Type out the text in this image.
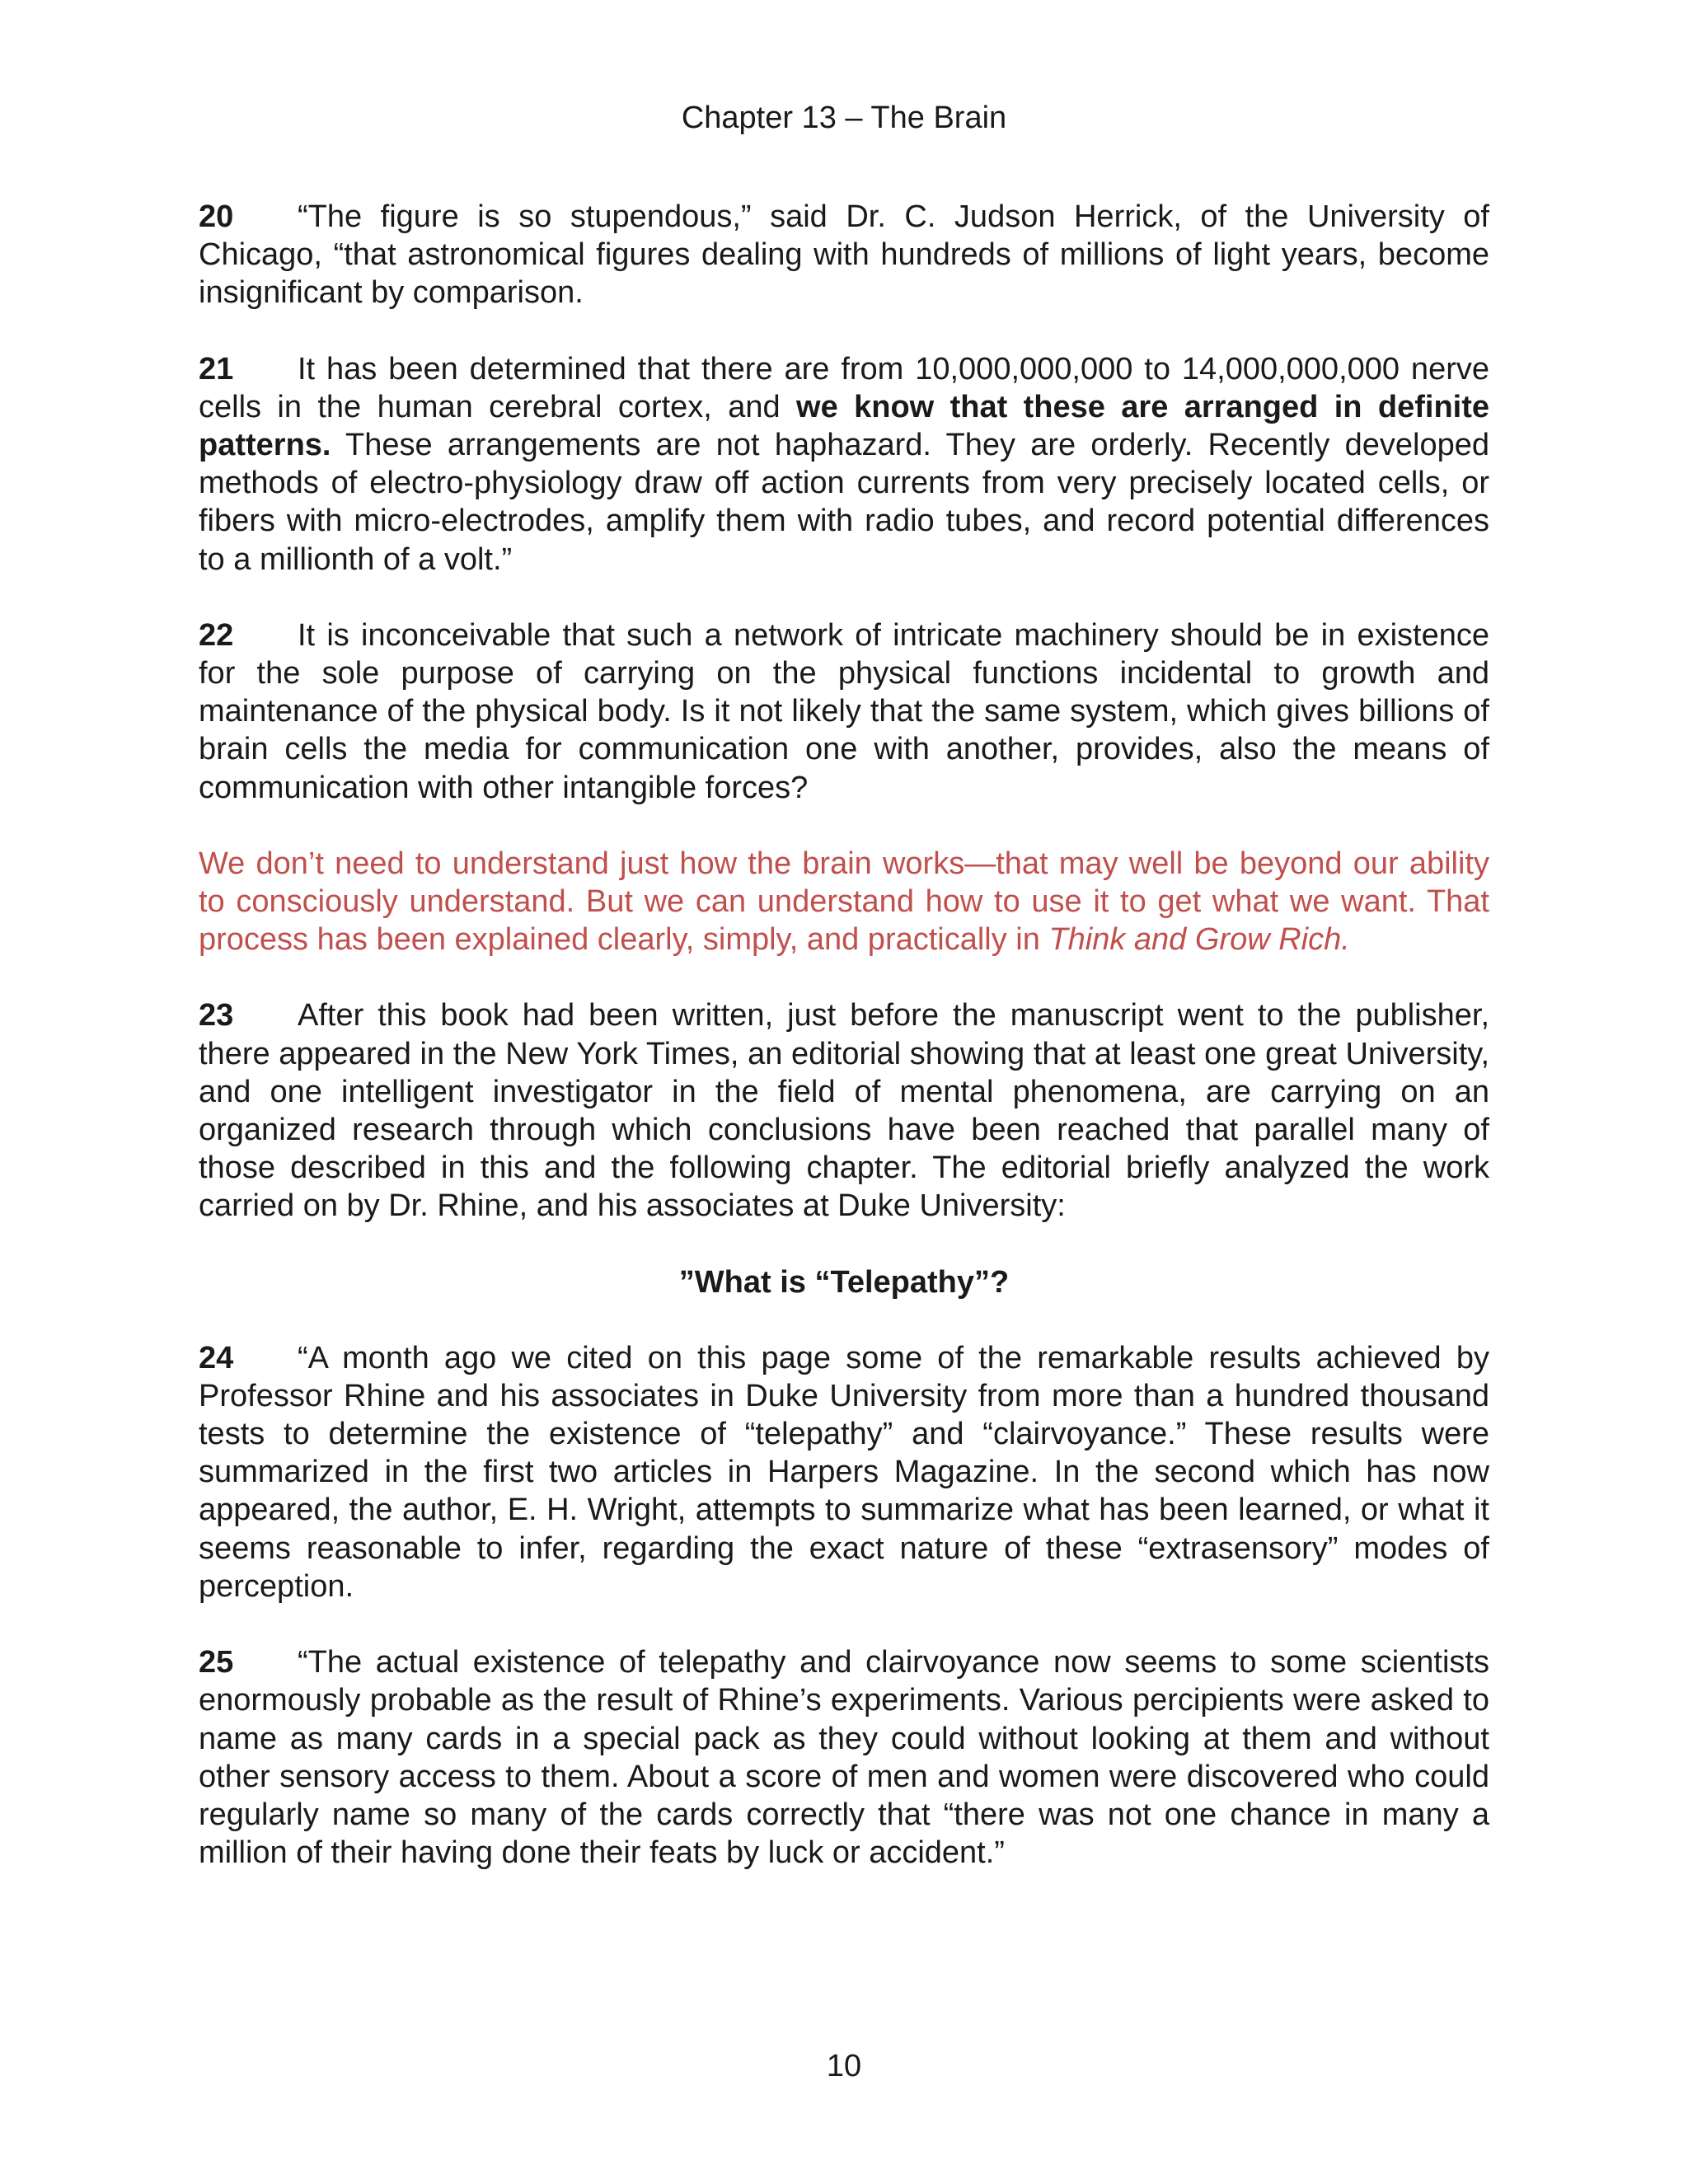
Chapter 13 – The Brain

20 “The figure is so stupendous,” said Dr. C. Judson Herrick, of the University of Chicago, “that astronomical figures dealing with hundreds of millions of light years, become insignificant by comparison.

21 It has been determined that there are from 10,000,000,000 to 14,000,000,000 nerve cells in the human cerebral cortex, and we know that these are arranged in definite patterns. These arrangements are not haphazard. They are orderly. Recently developed methods of electro-physiology draw off action currents from very precisely located cells, or fibers with micro-electrodes, amplify them with radio tubes, and record potential differences to a millionth of a volt.”

22 It is inconceivable that such a network of intricate machinery should be in existence for the sole purpose of carrying on the physical functions incidental to growth and maintenance of the physical body. Is it not likely that the same system, which gives billions of brain cells the media for communication one with another, provides, also the means of communication with other intangible forces?

We don’t need to understand just how the brain works—that may well be beyond our ability to consciously understand. But we can understand how to use it to get what we want. That process has been explained clearly, simply, and practically in Think and Grow Rich.

23 After this book had been written, just before the manuscript went to the publisher, there appeared in the New York Times, an editorial showing that at least one great University, and one intelligent investigator in the field of mental phenomena, are carrying on an organized research through which conclusions have been reached that parallel many of those described in this and the following chapter. The editorial briefly analyzed the work carried on by Dr. Rhine, and his associates at Duke University:

”What is “Telepathy”?

24 “A month ago we cited on this page some of the remarkable results achieved by Professor Rhine and his associates in Duke University from more than a hundred thousand tests to determine the existence of “telepathy” and “clairvoyance.” These results were summarized in the first two articles in Harpers Magazine. In the second which has now appeared, the author, E. H. Wright, attempts to summarize what has been learned, or what it seems reasonable to infer, regarding the exact nature of these “extrasensory” modes of perception.

25 “The actual existence of telepathy and clairvoyance now seems to some scientists enormously probable as the result of Rhine’s experiments. Various percipients were asked to name as many cards in a special pack as they could without looking at them and without other sensory access to them. About a score of men and women were discovered who could regularly name so many of the cards correctly that “there was not one chance in many a million of their having done their feats by luck or accident.”

10
